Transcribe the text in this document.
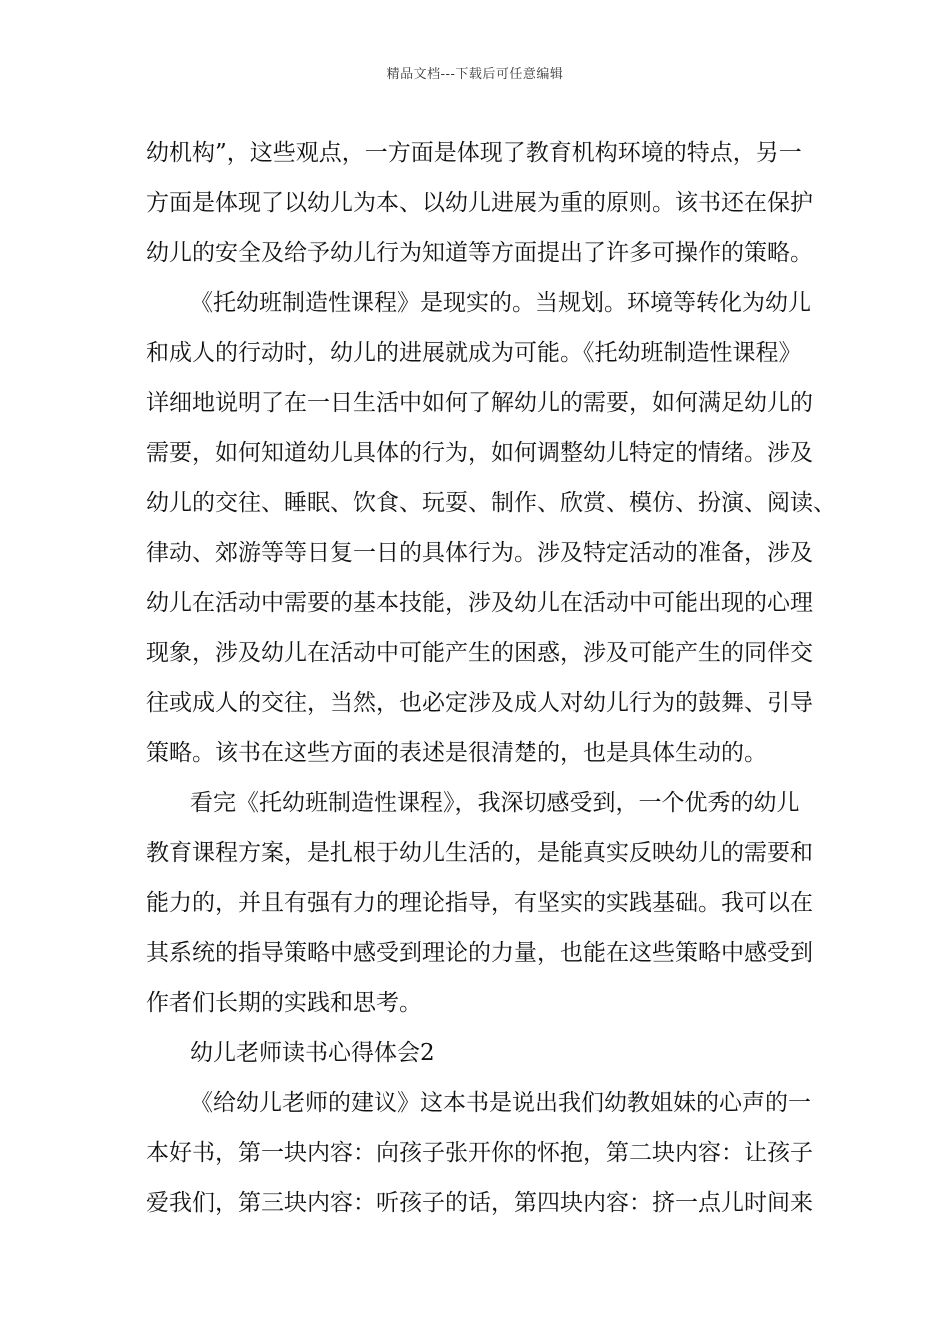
精品文档---下载后可任意编辑
幼机构”，这些观点，一方面是体现了教育机构环境的特点，另一
方面是体现了以幼儿为本、以幼儿进展为重的原则。该书还在保护
幼儿的安全及给予幼儿行为知道等方面提出了许多可操作的策略。
《托幼班制造性课程》是现实的。当规划。环境等转化为幼儿
和成人的行动时，幼儿的进展就成为可能。《托幼班制造性课程》
详细地说明了在一日生活中如何了解幼儿的需要，如何满足幼儿的
需要，如何知道幼儿具体的行为，如何调整幼儿特定的情绪。涉及
幼儿的交往、睡眠、饮食、玩耍、制作、欣赏、模仿、扮演、阅读、
律动、郊游等等日复一日的具体行为。涉及特定活动的准备，涉及
幼儿在活动中需要的基本技能，涉及幼儿在活动中可能出现的心理
现象，涉及幼儿在活动中可能产生的困惑，涉及可能产生的同伴交
往或成人的交往，当然，也必定涉及成人对幼儿行为的鼓舞、引导
策略。该书在这些方面的表述是很清楚的，也是具体生动的。
看完《托幼班制造性课程》，我深切感受到，一个优秀的幼儿
教育课程方案，是扎根于幼儿生活的，是能真实反映幼儿的需要和
能力的，并且有强有力的理论指导，有坚实的实践基础。我可以在
其系统的指导策略中感受到理论的力量，也能在这些策略中感受到
作者们长期的实践和思考。
幼儿老师读书心得体会2
《给幼儿老师的建议》这本书是说出我们幼教姐妹的心声的一
本好书，第一块内容：向孩子张开你的怀抱，第二块内容：让孩子
爱我们，第三块内容：听孩子的话，第四块内容：挤一点儿时间来
